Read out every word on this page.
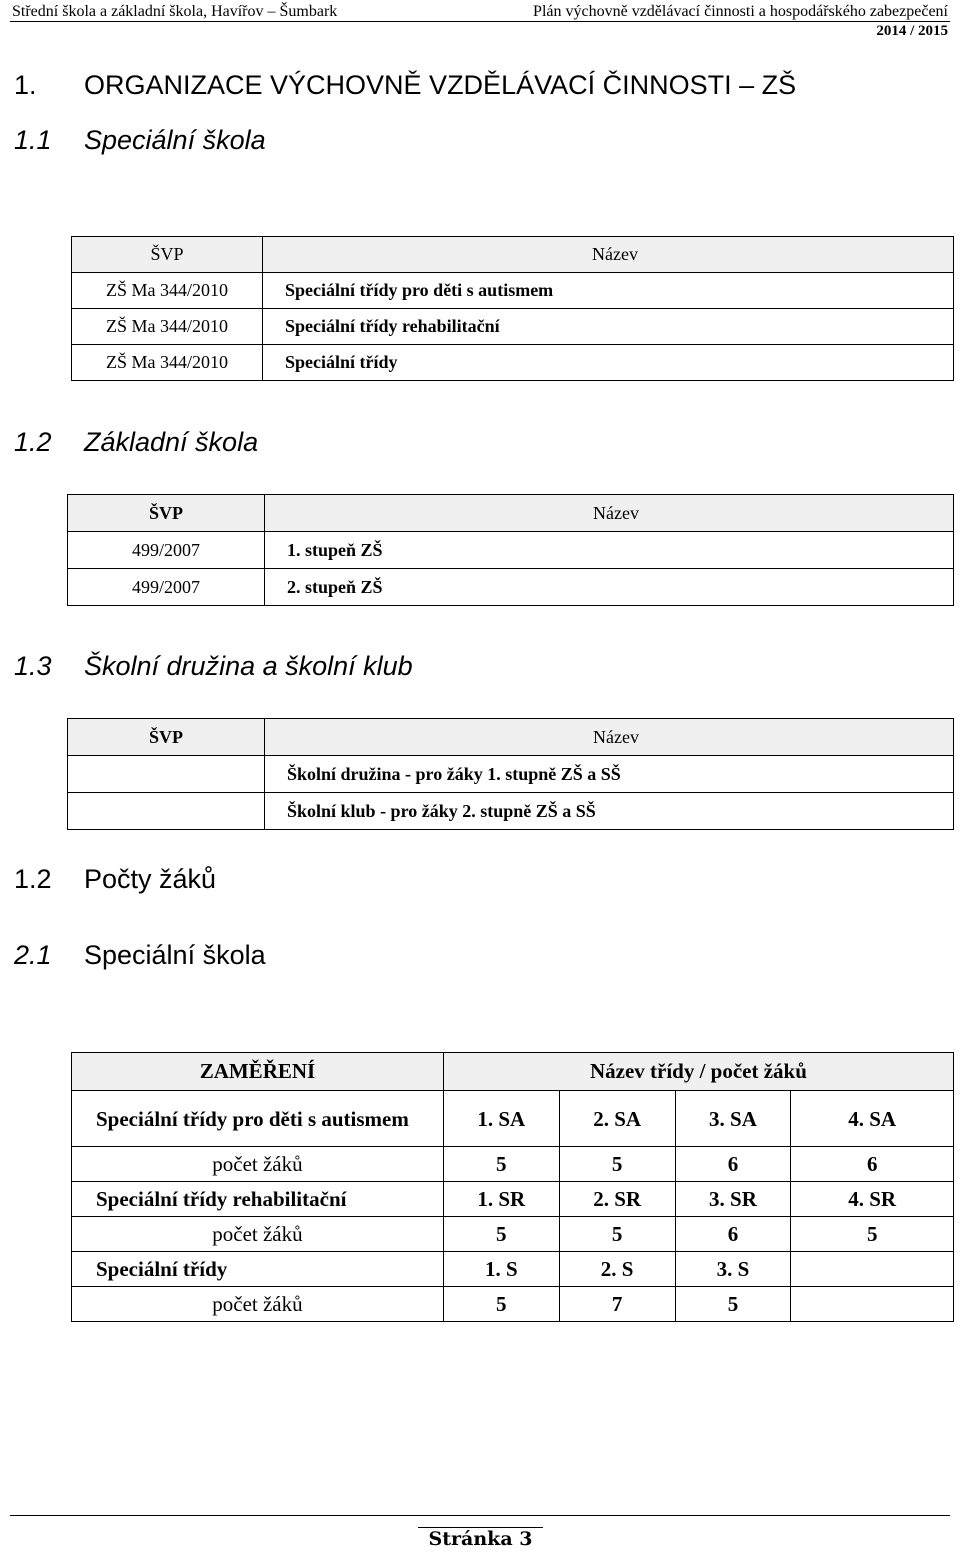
Střední škola a základní škola, Havířov – Šumbark	Plán výchovně vzdělávací činnosti a hospodářského zabezpečení
2014 / 2015
1. ORGANIZACE VÝCHOVNĚ VZDĚLÁVACÍ ČINNOSTI – ZŠ
1.1 Speciální škola
ŠVP	Název
ZŠ Ma 344/2010	Speciální třídy pro děti s autismem
ZŠ Ma 344/2010	Speciální třídy rehabilitační
ZŠ Ma 344/2010	Speciální třídy
1.2 Základní škola
ŠVP	Název
499/2007	1. stupeň ZŠ
499/2007	2. stupeň ZŠ
1.3 Školní družina a školní klub
ŠVP	Název
	Školní družina - pro žáky 1. stupně ZŠ a SŠ
	Školní klub - pro žáky 2. stupně ZŠ a SŠ
1.2 Počty žáků
2.1 Speciální škola
ZAMĚŘENÍ	Název třídy / počet žáků			
Speciální třídy pro děti s autismem	1. SA	2. SA	3. SA	4. SA
počet žáků	5	5	6	6
Speciální třídy rehabilitační	1. SR	2. SR	3. SR	4. SR
počet žáků	5	5	6	5
Speciální třídy	1. S	2. S	3. S	
počet žáků	5	7	5	
Stránka 3
